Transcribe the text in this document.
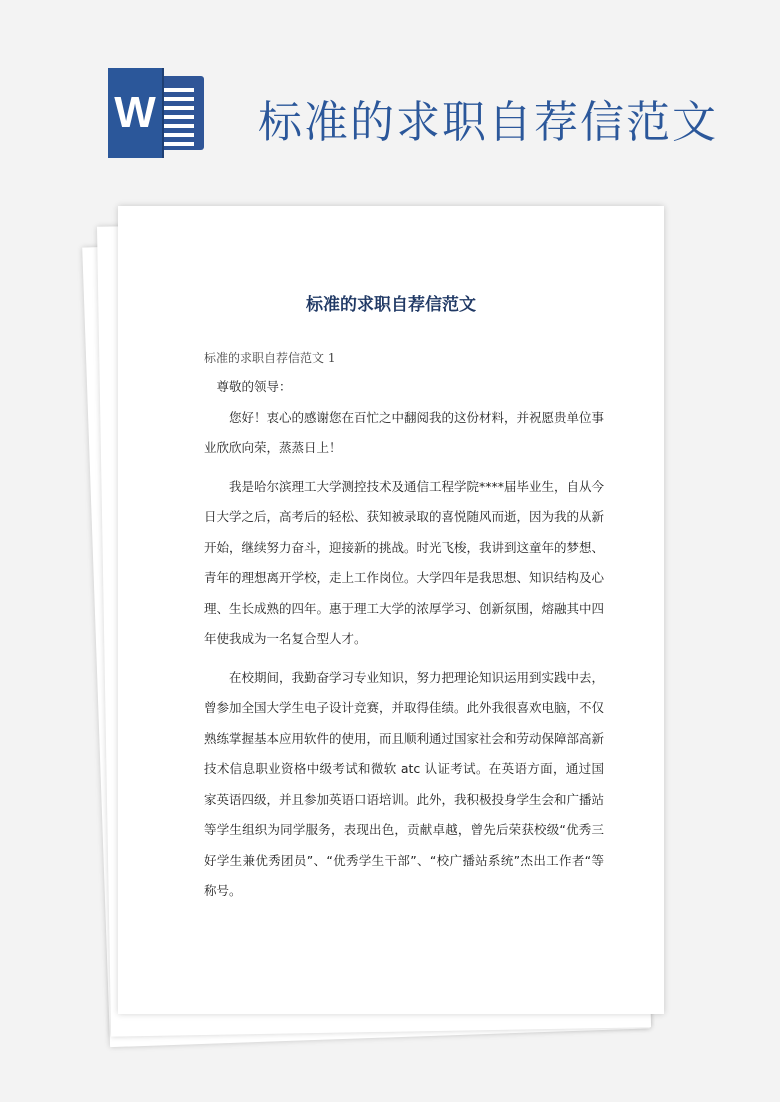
W 标准的求职自荐信范文
标准的求职自荐信范文
标准的求职自荐信范文 1

尊敬的领导：

您好！衷心的感谢您在百忙之中翻阅我的这份材料，并祝愿贵单位事业欣欣向荣，蒸蒸日上！

我是哈尔滨理工大学测控技术及通信工程学院****届毕业生，自从今日大学之后，高考后的轻松、获知被录取的喜悦随风而逝，因为我的从新开始，继续努力奋斗，迎接新的挑战。时光飞梭，我讲到这童年的梦想、青年的理想离开学校，走上工作岗位。大学四年是我思想、知识结构及心理、生长成熟的四年。惠于理工大学的浓厚学习、创新氛围，熔融其中四年使我成为一名复合型人才。

在校期间，我勤奋学习专业知识，努力把理论知识运用到实践中去，曾参加全国大学生电子设计竞赛，并取得佳绩。此外我很喜欢电脑，不仅熟练掌握基本应用软件的使用，而且顺利通过国家社会和劳动保障部高新技术信息职业资格中级考试和微软 atc 认证考试。在英语方面，通过国家英语四级，并且参加英语口语培训。此外，我积极投身学生会和广播站等学生组织为同学服务，表现出色，贡献卓越，曾先后荣获校级“优秀三好学生兼优秀团员”、“优秀学生干部”、“校广播站系统”杰出工作者“等称号。
